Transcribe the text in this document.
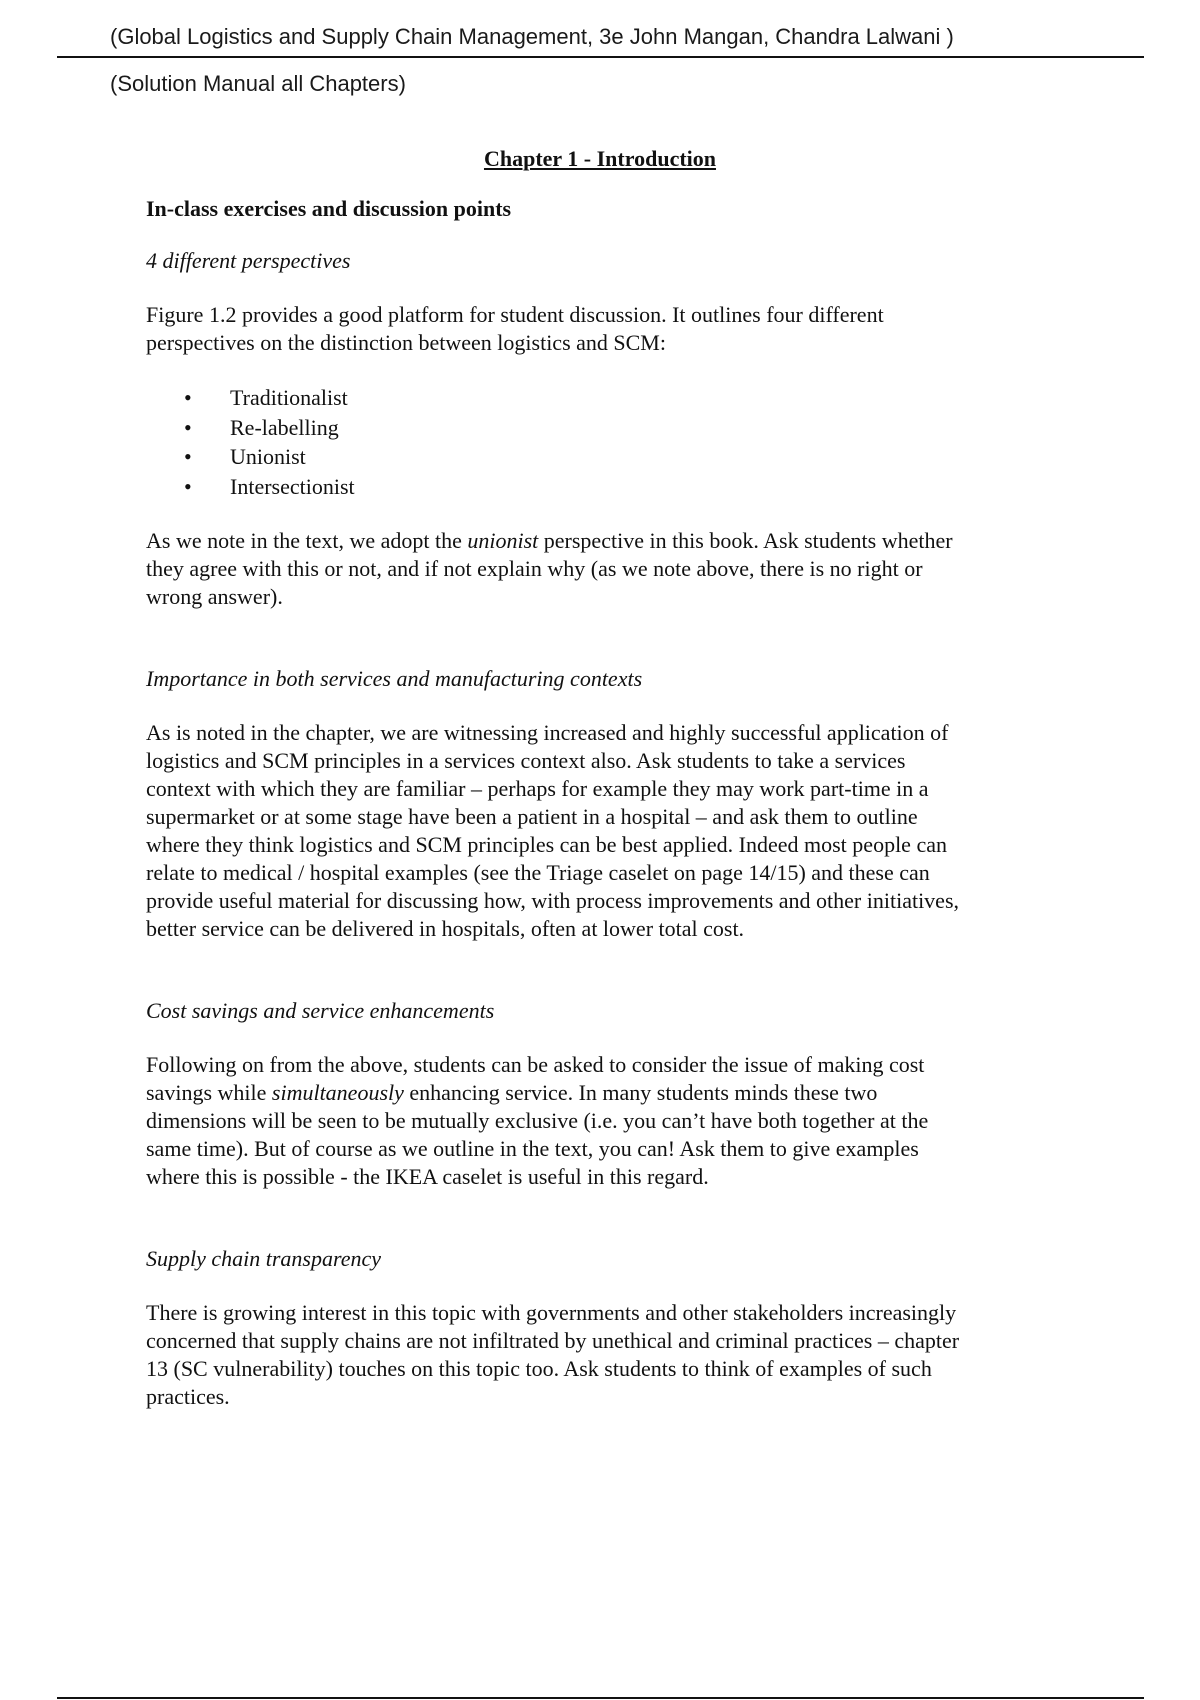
(Global Logistics and Supply Chain Management, 3e John Mangan, Chandra Lalwani )
(Solution Manual all Chapters)
Chapter 1 - Introduction
In-class exercises and discussion points
4 different perspectives

Figure 1.2 provides a good platform for student discussion. It outlines four different

perspectives on the distinction between logistics and SCM:

• Traditionalist
• Re-labelling
• Unionist
• Intersectionist

As we note in the text, we adopt the unionist perspective in this book. Ask students whether

they agree with this or not, and if not explain why (as we note above, there is no right or

wrong answer).

Importance in both services and manufacturing contexts

As is noted in the chapter, we are witnessing increased and highly successful application of

logistics and SCM principles in a services context also. Ask students to take a services

context with which they are familiar – perhaps for example they may work part-time in a

supermarket or at some stage have been a patient in a hospital – and ask them to outline

where they think logistics and SCM principles can be best applied. Indeed most people can

relate to medical / hospital examples (see the Triage caselet on page 14/15) and these can

provide useful material for discussing how, with process improvements and other initiatives,

better service can be delivered in hospitals, often at lower total cost.

Cost savings and service enhancements

Following on from the above, students can be asked to consider the issue of making cost

savings while simultaneously enhancing service. In many students minds these two

dimensions will be seen to be mutually exclusive (i.e. you can’t have both together at the

same time). But of course as we outline in the text, you can! Ask them to give examples

where this is possible - the IKEA caselet is useful in this regard.

Supply chain transparency

There is growing interest in this topic with governments and other stakeholders increasingly

concerned that supply chains are not infiltrated by unethical and criminal practices – chapter

13 (SC vulnerability) touches on this topic too. Ask students to think of examples of such

practices.
